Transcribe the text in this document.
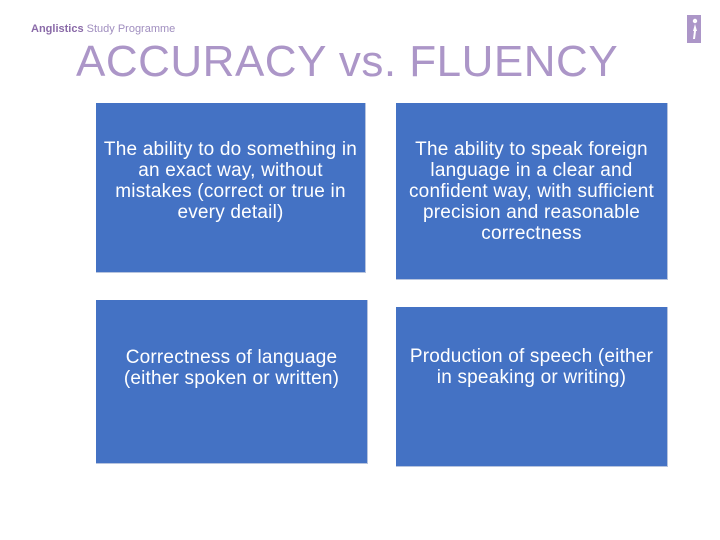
Anglistics Study Programme
ACCURACY vs. FLUENCY
The ability to do something in an exact way, without mistakes (correct or true in every detail)
The ability to speak foreign language in a clear and confident way, with sufficient precision and reasonable correctness
Correctness of language (either spoken or written)
Production of speech (either in speaking or writing)
